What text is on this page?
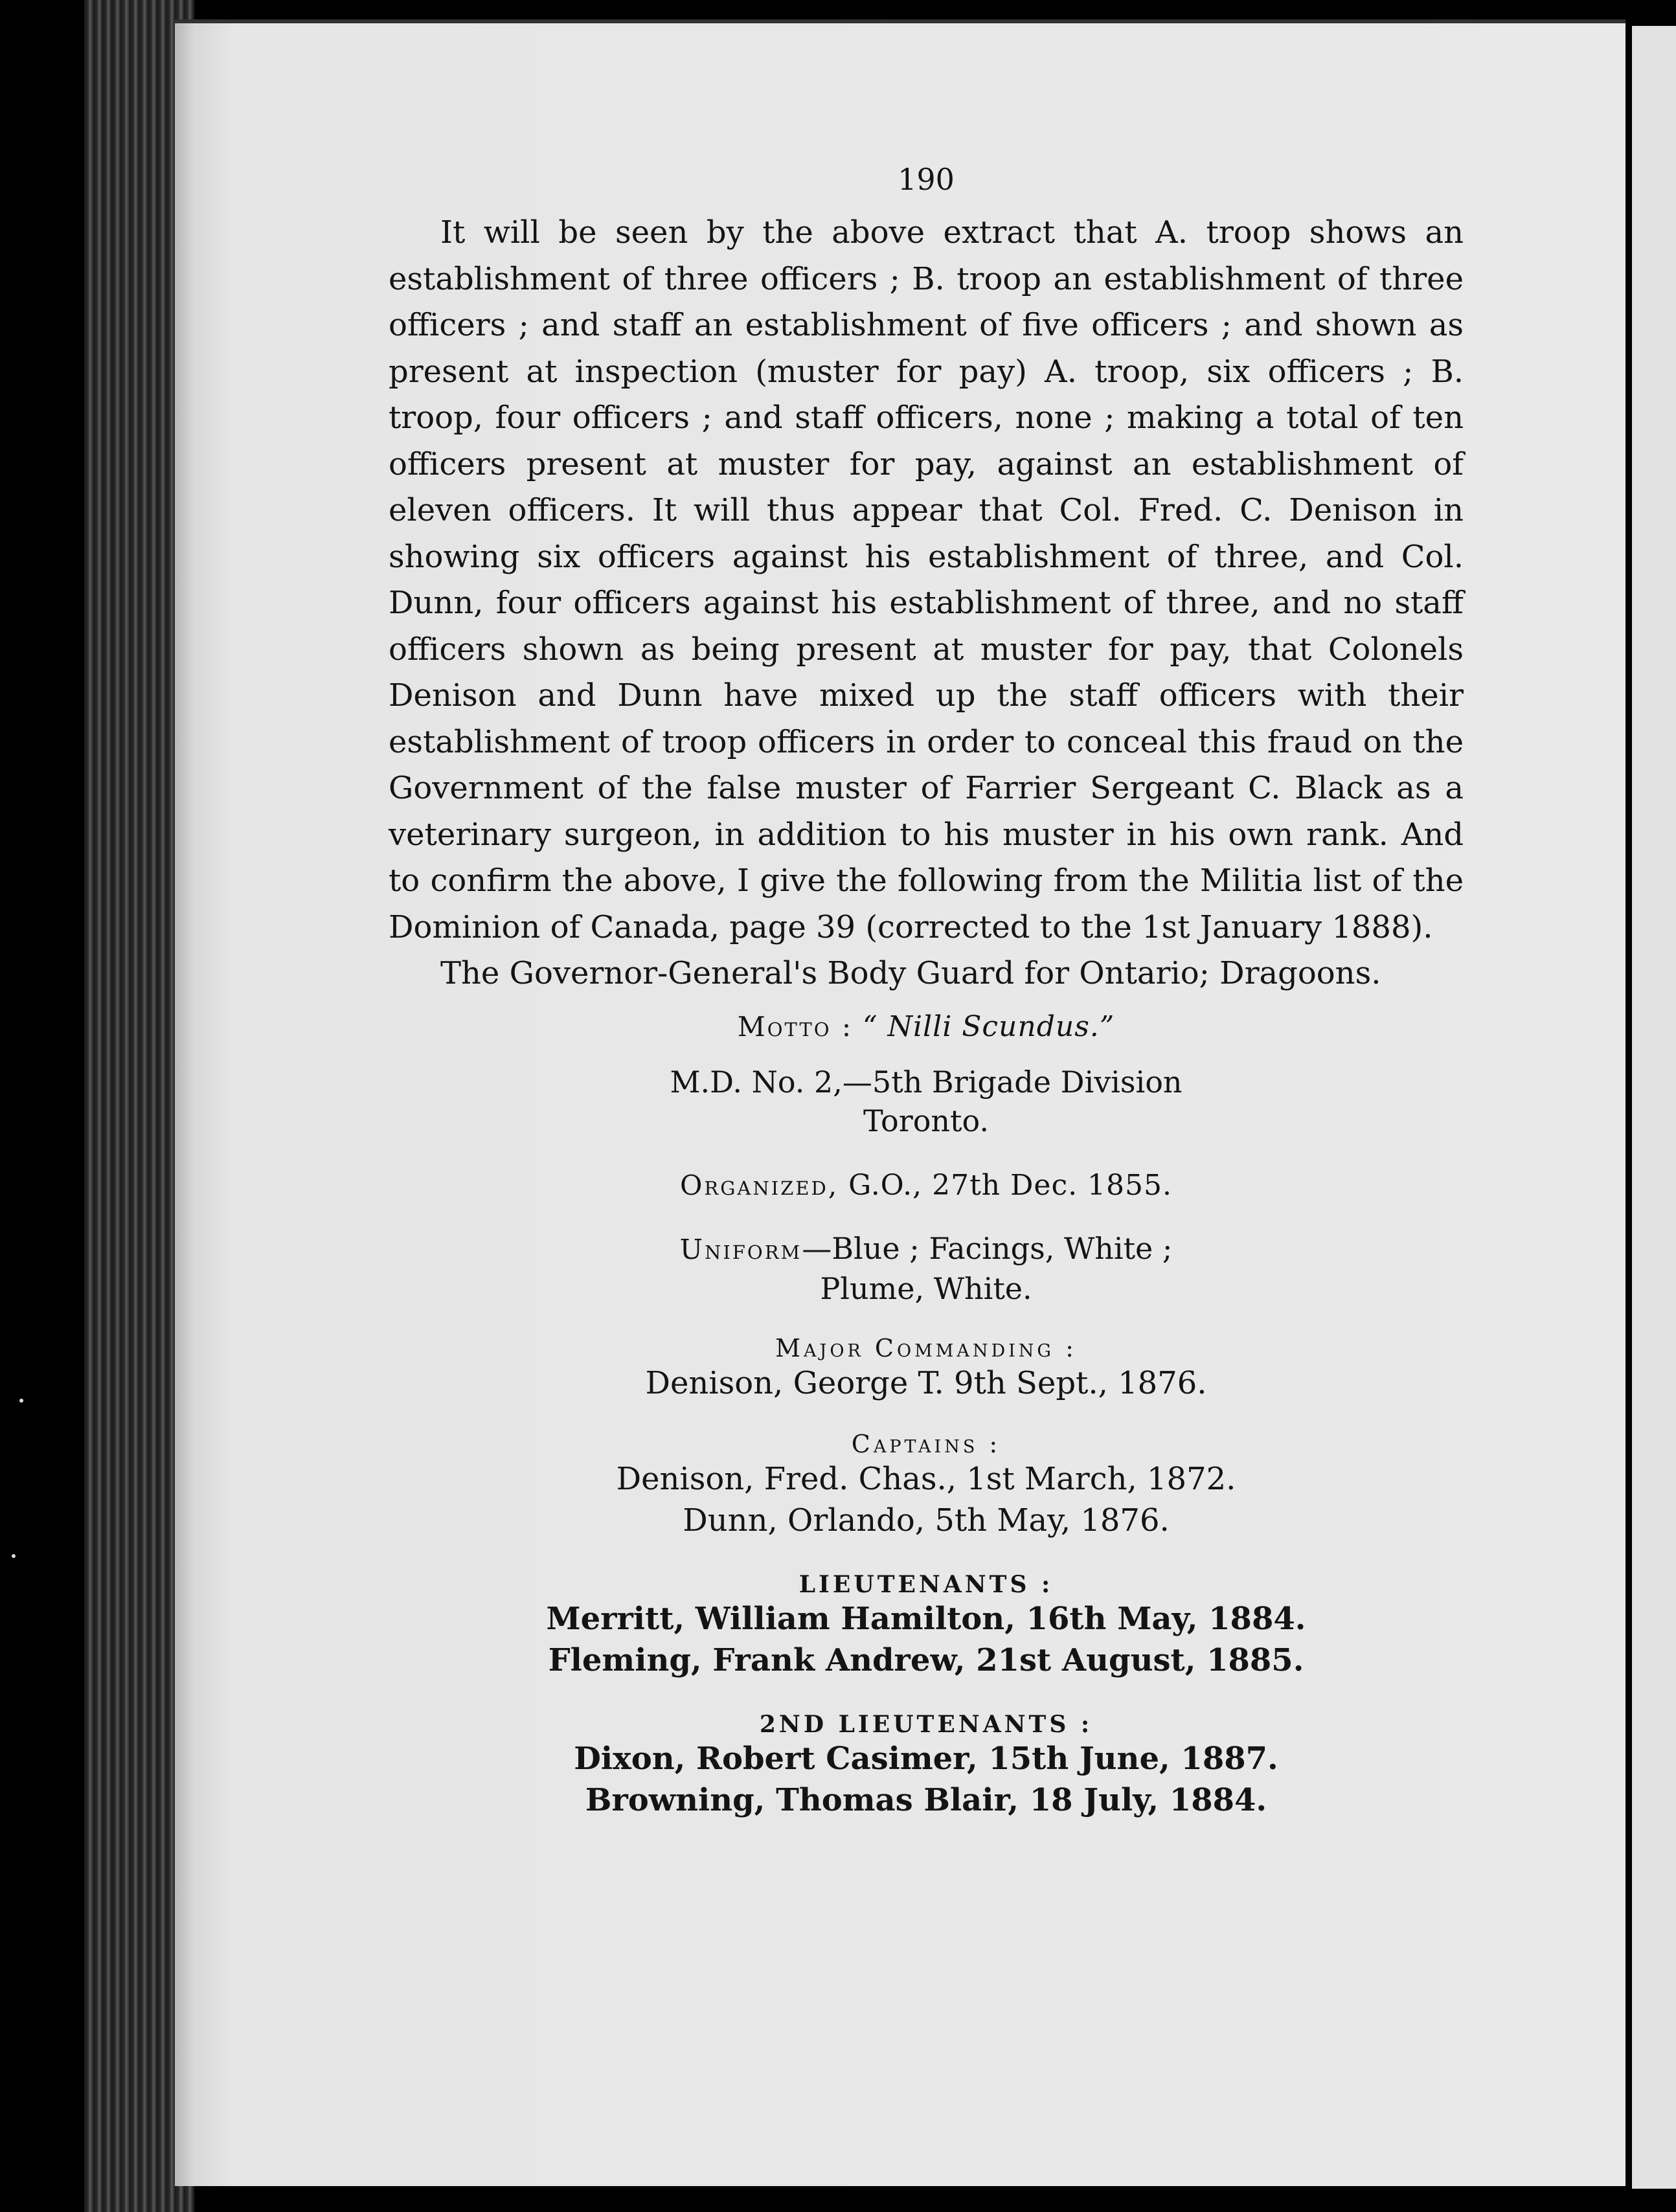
190

It will be seen by the above extract that A. troop shows an establishment of three officers ; B. troop an establishment of three officers ; and staff an establishment of five officers ; and shown as present at inspection (muster for pay) A. troop, six officers ; B. troop, four officers ; and staff officers, none ; making a total of ten officers present at muster for pay, against an establishment of eleven officers. It will thus appear that Col. Fred. C. Denison in showing six officers against his establishment of three, and Col. Dunn, four officers against his establishment of three, and no staff officers shown as being present at muster for pay, that Colonels Denison and Dunn have mixed up the staff officers with their establishment of troop officers in order to conceal this fraud on the Government of the false muster of Farrier Sergeant C. Black as a veterinary surgeon, in addition to his muster in his own rank. And to confirm the above, I give the following from the Militia list of the Dominion of Canada, page 39 (corrected to the 1st January 1888).

The Governor-General's Body Guard for Ontario; Dragoons.

Motto : “ Nilli Scundus.”
M.D. No. 2,—5th Brigade Division
Toronto.
Organized, G.O., 27th Dec. 1855.
Uniform—Blue ; Facings, White ;
Plume, White.
Major Commanding :
Denison, George T. 9th Sept., 1876.
Captains :
Denison, Fred. Chas., 1st March, 1872.
Dunn, Orlando, 5th May, 1876.
LIEUTENANTS :
Merritt, William Hamilton, 16th May, 1884.
Fleming, Frank Andrew, 21st August, 1885.
2ND LIEUTENANTS :
Dixon, Robert Casimer, 15th June, 1887.
Browning, Thomas Blair, 18 July, 1884.
